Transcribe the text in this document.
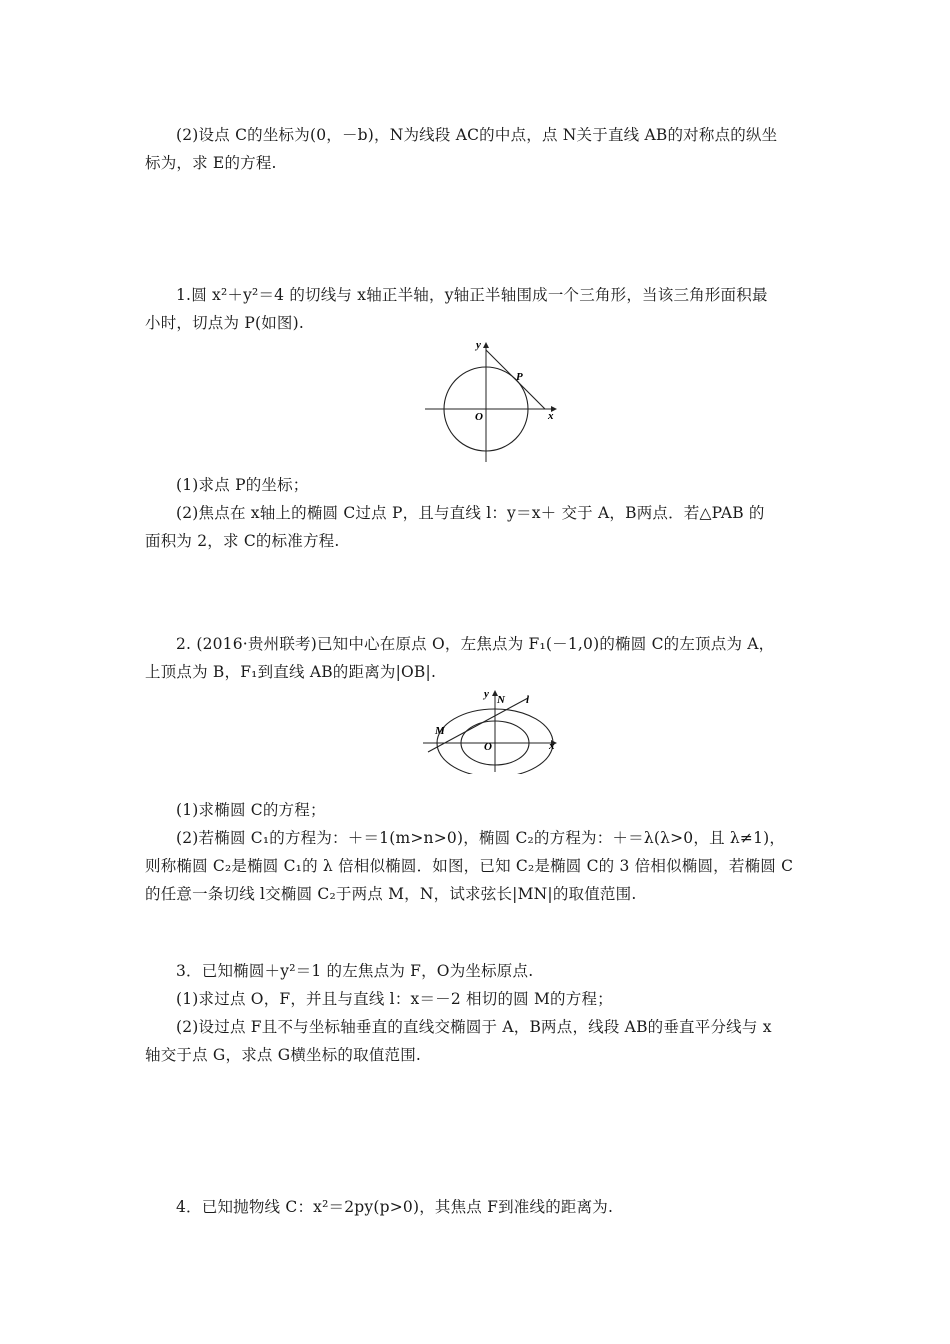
(2)设点 C的坐标为(0，－b)，N为线段 AC的中点，点 N关于直线 AB的对称点的纵坐
标为，求 E的方程.
1.圆 x²＋y²＝4 的切线与 x轴正半轴，y轴正半轴围成一个三角形，当该三角形面积最
小时，切点为 P(如图).
y
x
O
P
(1)求点 P的坐标；
(2)焦点在 x轴上的椭圆 C过点 P，且与直线 l：y＝x＋ 交于 A，B两点．若△PAB 的
面积为 2，求 C的标准方程.
2. (2016·贵州联考)已知中心在原点 O，左焦点为 F₁(－1,0)的椭圆 C的左顶点为 A，
上顶点为 B，F₁到直线 AB的距离为|OB|.
y
x
O
N l
M
(1)求椭圆 C的方程；
(2)若椭圆 C₁的方程为：＋＝1(m>n>0)，椭圆 C₂的方程为：＋＝λ(λ>0，且 λ≠1)，
则称椭圆 C₂是椭圆 C₁的 λ 倍相似椭圆．如图，已知 C₂是椭圆 C的 3 倍相似椭圆，若椭圆 C
的任意一条切线 l交椭圆 C₂于两点 M，N，试求弦长|MN|的取值范围.
3．已知椭圆＋y²＝1 的左焦点为 F，O为坐标原点.
(1)求过点 O，F，并且与直线 l：x＝－2 相切的圆 M的方程；
(2)设过点 F且不与坐标轴垂直的直线交椭圆于 A，B两点，线段 AB的垂直平分线与 x
轴交于点 G，求点 G横坐标的取值范围.
4．已知抛物线 C：x²＝2py(p>0)，其焦点 F到准线的距离为.
